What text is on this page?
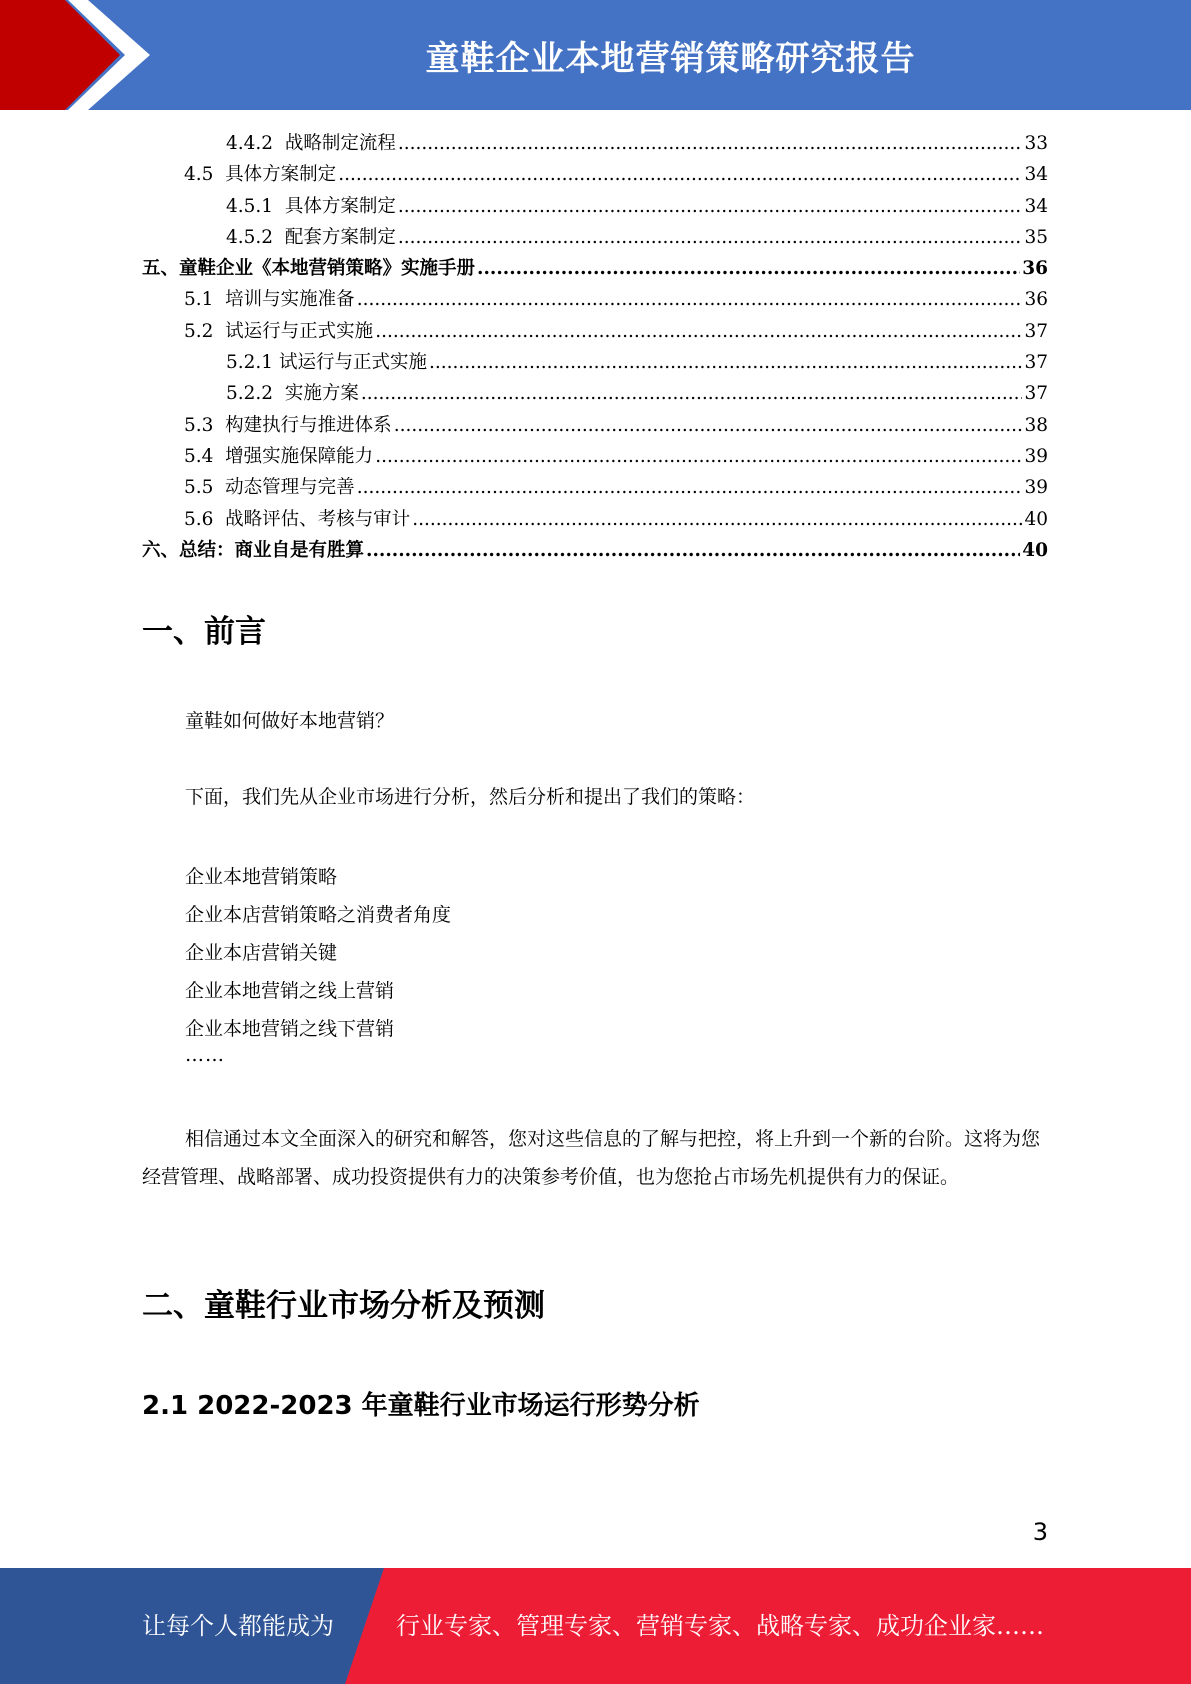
童鞋企业本地营销策略研究报告
4.4.2  战略制定流程 .....	33
4.5  具体方案制定 .....	34
4.5.1  具体方案制定 .....	34
4.5.2  配套方案制定 .....	35
五、童鞋企业《本地营销策略》实施手册 .....	36
5.1  培训与实施准备 .....	36
5.2  试运行与正式实施 .....	37
5.2.1 试运行与正式实施 .....	37
5.2.2  实施方案 .....	37
5.3  构建执行与推进体系 .....	38
5.4  增强实施保障能力 .....	39
5.5  动态管理与完善 .....	39
5.6  战略评估、考核与审计 .....	40
六、总结：商业自是有胜算 .....	40
一、前言

童鞋如何做好本地营销？

下面，我们先从企业市场进行分析，然后分析和提出了我们的策略：

企业本地营销策略
企业本店营销策略之消费者角度
企业本店营销关键
企业本地营销之线上营销
企业本地营销之线下营销
……

相信通过本文全面深入的研究和解答，您对这些信息的了解与把控，将上升到一个新的台阶。这将为您经营管理、战略部署、成功投资提供有力的决策参考价值，也为您抢占市场先机提供有力的保证。

二、童鞋行业市场分析及预测
2.1 2022-2023 年童鞋行业市场运行形势分析
3
让每个人都能成为	行业专家、管理专家、营销专家、战略专家、成功企业家……
